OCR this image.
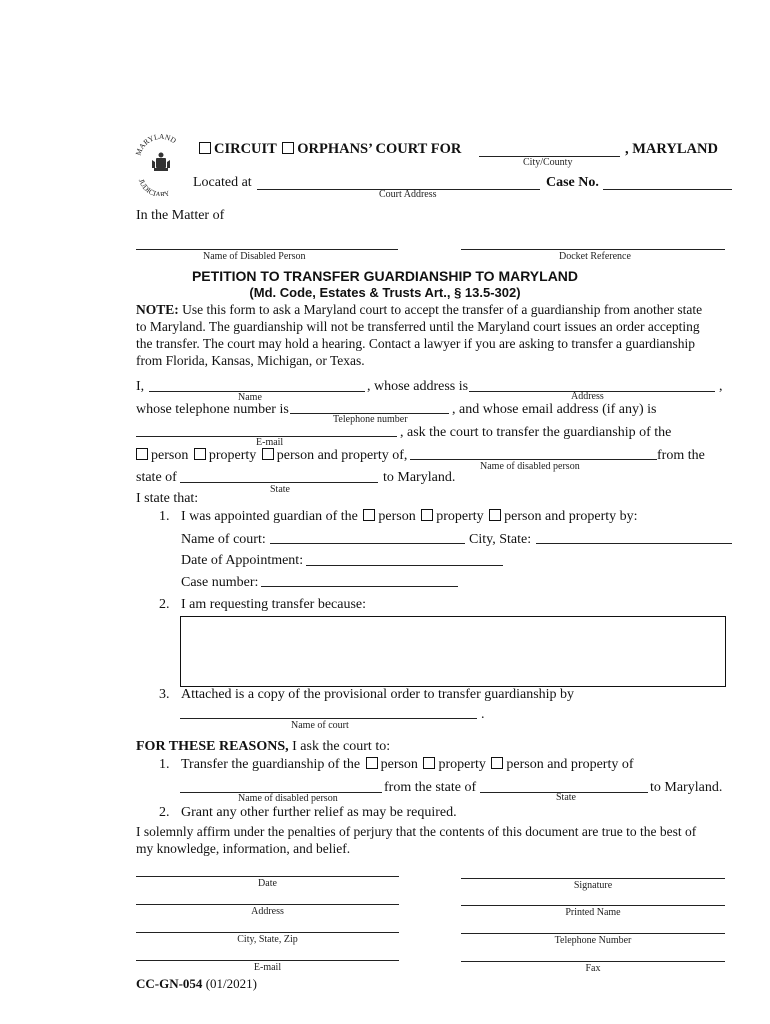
MARYLAND
JUDICIARY
CIRCUIT ORPHANS’ COURT FOR	, MARYLAND
City/County
Located at
Court Address
Case No.
In the Matter of
Name of Disabled Person	Docket Reference
PETITION TO TRANSFER GUARDIANSHIP TO MARYLAND
(Md. Code, Estates & Trusts Art., § 13.5-302)
NOTE: Use this form to ask a Maryland court to accept the transfer of a guardianship from another state
to Maryland. The guardianship will not be transferred until the Maryland court issues an order accepting
the transfer. The court may hold a hearing. Contact a lawyer if you are asking to transfer a guardianship
from Florida, Kansas, Michigan, or Texas.
I,	, whose address is	,
Name	Address
whose telephone number is	, and whose email address (if any) is
Telephone number
, ask the court to transfer the guardianship of the
E-mail
person property person and property of,	from the
Name of disabled person
state of	to Maryland.
State
I state that:
1. I was appointed guardian of the person property person and property by:
Name of court:	City, State:
Date of Appointment:
Case number:
2. I am requesting transfer because:
3. Attached is a copy of the provisional order to transfer guardianship by
.
Name of court
FOR THESE REASONS, I ask the court to:
1. Transfer the guardianship of the person property person and property of
from the state of	to Maryland.
Name of disabled person	State
2. Grant any other further relief as may be required.
I solemnly affirm under the penalties of perjury that the contents of this document are true to the best of
my knowledge, information, and belief.
Date	Signature
Address	Printed Name
City, State, Zip	Telephone Number
E-mail	Fax
CC-GN-054 (01/2021)
